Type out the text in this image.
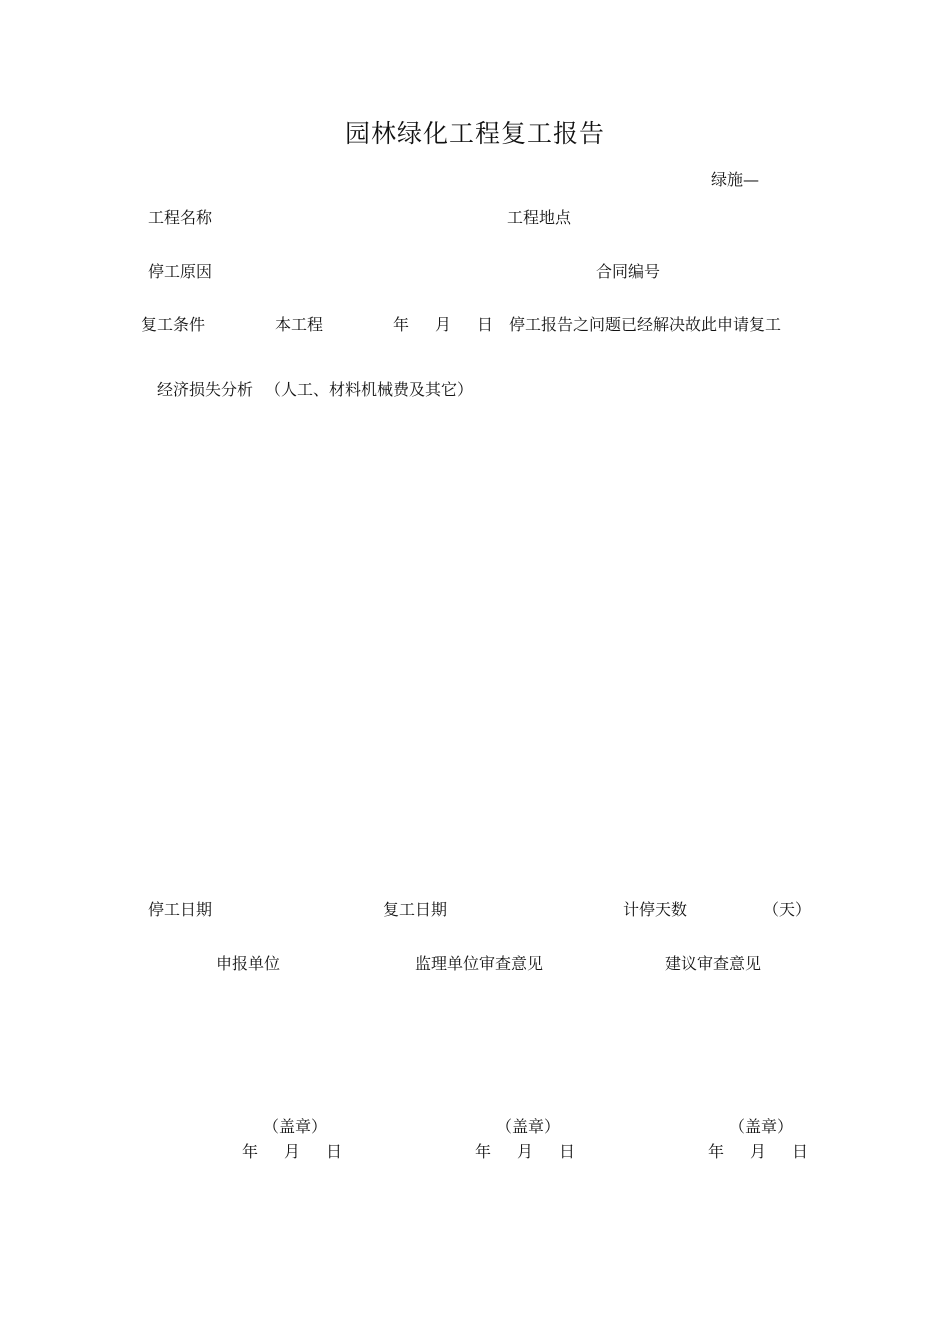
园林绿化工程复工报告
绿施—
工程名称	工程地点
停工原因	合同编号
复工条件	本工程	年 月 日 停工报告之问题已经解决故此申请复工
经济损失分析 （人工、材料机械费及其它）
停工日期	复工日期	计停天数	（天）
申报单位	监理单位审查意见	建议审查意见
（盖章）
年 月 日
（盖章）
年 月 日
（盖章）
年 月 日
